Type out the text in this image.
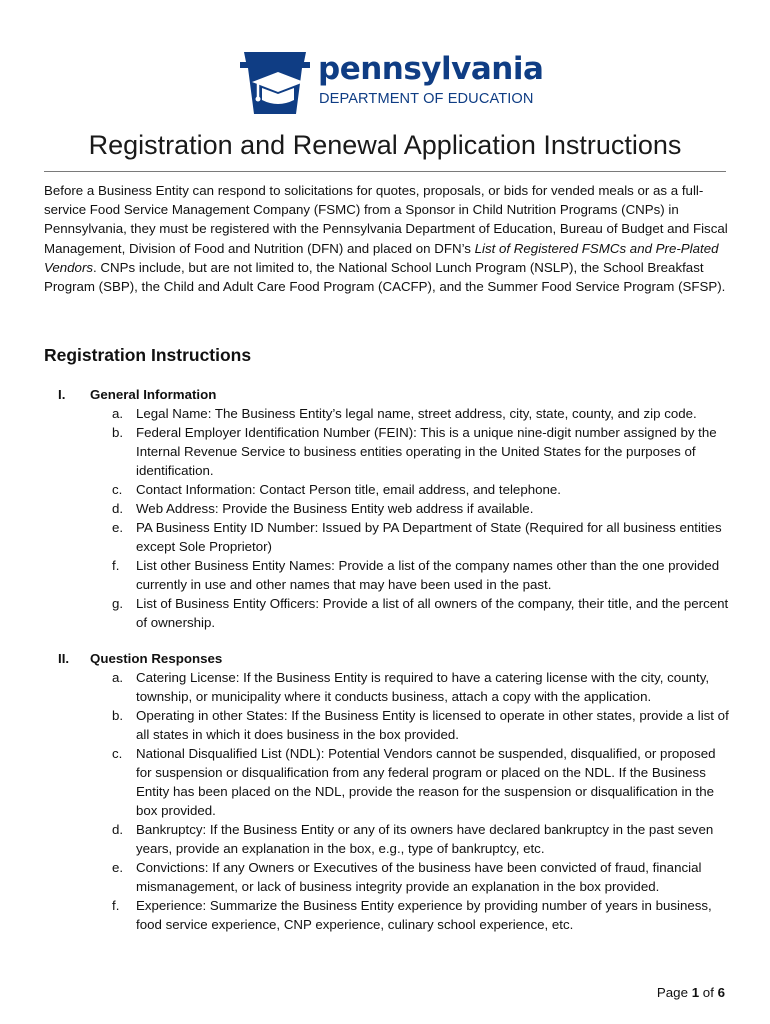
pennsylvania
DEPARTMENT OF EDUCATION
Registration and Renewal Application Instructions

Before a Business Entity can respond to solicitations for quotes, proposals, or bids for vended meals or as a full-service Food Service Management Company (FSMC) from a Sponsor in Child Nutrition Programs (CNPs) in Pennsylvania, they must be registered with the Pennsylvania Department of Education, Bureau of Budget and Fiscal Management, Division of Food and Nutrition (DFN) and placed on DFN’s List of Registered FSMCs and Pre-Plated Vendors. CNPs include, but are not limited to, the National School Lunch Program (NSLP), the School Breakfast Program (SBP), the Child and Adult Care Food Program (CACFP), and the Summer Food Service Program (SFSP).

Registration Instructions
I. General Information
a. Legal Name: The Business Entity’s legal name, street address, city, state, county, and zip code.
b. Federal Employer Identification Number (FEIN): This is a unique nine-digit number assigned by the Internal Revenue Service to business entities operating in the United States for the purposes of identification.
c. Contact Information: Contact Person title, email address, and telephone.
d. Web Address: Provide the Business Entity web address if available.
e. PA Business Entity ID Number: Issued by PA Department of State (Required for all business entities except Sole Proprietor)
f. List other Business Entity Names: Provide a list of the company names other than the one provided currently in use and other names that may have been used in the past.
g. List of Business Entity Officers: Provide a list of all owners of the company, their title, and the percent of ownership.
II. Question Responses
a. Catering License: If the Business Entity is required to have a catering license with the city, county, township, or municipality where it conducts business, attach a copy with the application.
b. Operating in other States: If the Business Entity is licensed to operate in other states, provide a list of all states in which it does business in the box provided.
c. National Disqualified List (NDL): Potential Vendors cannot be suspended, disqualified, or proposed for suspension or disqualification from any federal program or placed on the NDL. If the Business Entity has been placed on the NDL, provide the reason for the suspension or disqualification in the box provided.
d. Bankruptcy: If the Business Entity or any of its owners have declared bankruptcy in the past seven years, provide an explanation in the box, e.g., type of bankruptcy, etc.
e. Convictions: If any Owners or Executives of the business have been convicted of fraud, financial mismanagement, or lack of business integrity provide an explanation in the box provided.
f. Experience: Summarize the Business Entity experience by providing number of years in business, food service experience, CNP experience, culinary school experience, etc.
Page 1 of 6
